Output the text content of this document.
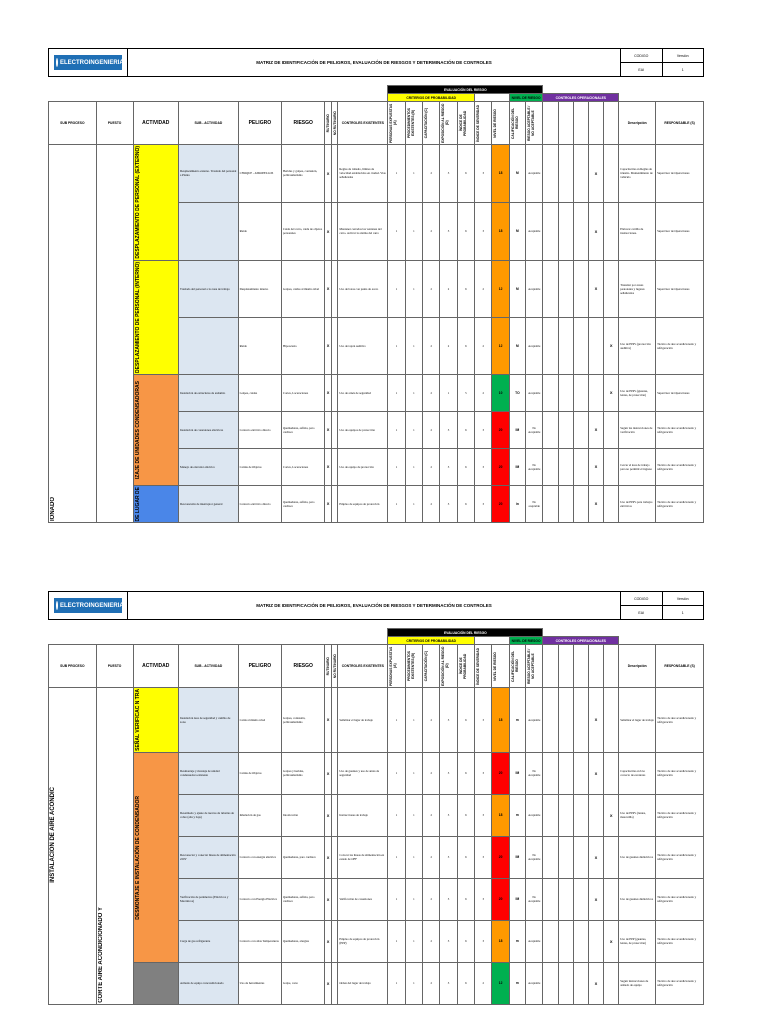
ELECTROINGENIERIA	MATRIZ DE IDENTIFICACIÓN DE PELIGROS, EVALUACIÓN DE RIESGOS Y DETERMINACIÓN DE CONTROLES
CODIGO	Versión
EAI	1
									EVALUACIÓN DEL RIESGO															
									CRITERIOS DE PROBABILIDAD							NIVEL DE RIESGO		CONTROLES OPERACIONALES						
SUB PROCESO	PUESTO	ACTIVIDAD	SUB - ACTIVIDAD	PELIGRO	RIESGO	RUTINARIO	NO RUTINARIO	CONTROLES EXISTENTES	PERSONAS EXPUESTAS (A)	PROCEDIMIENTOS EXISTENTES (B)	CAPACITACIÓN (C)	EXPOSICIÓN AL RIESGO (D)	ÍNDICE DE PROBABILIDAD	ÍNDICE DE SEVERIDAD	NIVEL DE RIESGO	CALIFICACIÓN DEL RIESGO	RIESGO ACEPTABLE / NO ACEPTABLE	ELIMINACIÓN	SUSTITUCIÓN	CONTROLES DE INGENIERÍA	CONTROL ADMINISTRATIVO	EQUIPO DE PROTECCIÓN PERSONAL	Descripción	RESPONSABLE (S)

IONADO		DESPLAZAMIENTO DE PERSONAL (EXTERNO)	Desplazamiento externo. Traslado del personal a Planta	CHOQUE - ATROPELLOS	Heridas y golpes, contusión, politraumatismo	X		Reglas de tránsito, límites de velocidad establecidos en ciudad. Vías señalizadas	1	1	2	3	6	3	18	M	Aceptable				X		Capacitación en Reglas de tránsito. Mantenimiento de vehículo	Supervisor de Operaciones
				Ruido	Caída del carro, caída de objetos personales	X		Mantener cerrados las ventanas del carro. Activar la alarma del carro	1	1	2	3	6	3	18	M	Aceptable				X		Elaborar cartilla de instrucciones.	Supervisor de Operaciones

		DESPLAZAMIENTO DE PERSONAL (INTERNO)	Traslado del personal a la zona de trabajo	Desplazamiento interno	Golpes, caídas al mismo nivel	X		Uso de botas con punta de acero	1	1	2	2	6	2	12	M	Aceptable				X		Transitar por zonas peatonales y lugares señalizados	Supervisor de Operaciones
				Ruido	Hipoacusia	X		Uso de tapón auditivo	1	1	2	2	6	2	12	M	Aceptable					X	Uso de EPP's (protección auditiva)	Técnico de aire acondicionado y refrigeración

		IZAJE DE UNIDADES CONDENSADORAS	Instalación de estructuras de andamio	Golpes, caídas	Cortes, Laceraciones	X		Uso de arnés de seguridad	1	1	2	1	5	2	10	TO	Aceptable					X	Uso de EPP's (guantes, lentes, de protección)	Supervisor de Operaciones
			Instalación de conexiones eléctricas	Contacto eléctrico directo	Quemaduras, asfixia, paro cardiaco	X		Uso de equipos de protección	1	1	2	3	6	3	20	IM	No Aceptable				X		Seguir las instrucciones de verificación	Técnico de aire acondicionado y refrigeración
			Manejo de elevador eléctrico	Caídas de Objetos	Cortes, Laceraciones	X		Uso de equipo de protección	1	1	2	3	6	3	20	IM	No Aceptable				X		Cercar el área de trabajo para no permitir el ingreso	Técnico de aire acondicionado y refrigeración

		DE LUGAR DE	Desconexión de interruptor general	Contacto eléctrico directo	Quemaduras, asfixia, paro cardiaco	X		Empleo de equipos de protección	1	1	2	3	6	3	20	in	No aceptable				X		Uso de EPP's para trabajos eléctricos	Técnico de aire acondicionado y refrigeración
ELECTROINGENIERIA	MATRIZ DE IDENTIFICACIÓN DE PELIGROS, EVALUACIÓN DE RIESGOS Y DETERMINACIÓN DE CONTROLES
CODIGO	Versión
EAI	1
									EVALUACIÓN DEL RIESGO															
									CRITERIOS DE PROBABILIDAD							NIVEL DE RIESGO		CONTROLES OPERACIONALES						
SUB PROCESO	PUESTO	ACTIVIDAD	SUB - ACTIVIDAD	PELIGRO	RIESGO	RUTINARIO	NO RUTINARIO	CONTROLES EXISTENTES	PERSONAS EXPUESTAS (A)	PROCEDIMIENTOS EXISTENTES (B)	CAPACITACIÓN (C)	EXPOSICIÓN AL RIESGO (D)	ÍNDICE DE PROBABILIDAD	ÍNDICE DE SEVERIDAD	NIVEL DE RIESGO	CALIFICACIÓN DEL RIESGO	RIESGO ACEPTABLE / NO ACEPTABLE	ELIMINACIÓN	SUSTITUCIÓN	CONTROLES DE INGENIERÍA	CONTROL ADMINISTRATIVO	EQUIPO DE PROTECCIÓN PERSONAL	Descripción	RESPONSABLE (S)

INSTALACIÓN DE AIRE ACONDIC	CORTE AIRE ACONDICIONADO Y	SEÑAL VERIFICAC N TRA	Instalación área de seguridad y cambio de zona	Caída al mismo nivel	Golpes, contusión, politraumatismo	X		Señalizar el lugar de trabajo	1	1	2	3	6	3	18	m	Aceptable				X		Señalizar el lugar de trabajo	Técnico de aire acondicionado y refrigeración

		DESMONTAJE E INSTALACIÓN DE CONDENSADOR	Desmontaje y montaje de unidad condensadora existente	Caídas de Objetos	Golpes y heridas, politraumatismo	X		Uso de guantes y uso de arnés de seguridad	1	1	2	3	6	3	20	IM	No Aceptable				X		Capacitación en Uso correcto de escaleras	Técnico de aire acondicionado y refrigeración
			Desarmado y ajuste de tuercas de tuberías de cobre (alta y baja)	Inhalación de gas	Intoxicación	X		Instrucciones de trabajo	1	1	2	3	6	3	18	m	Aceptable					X	Uso de EPP's (lentes, mascarilla)	Técnico de aire acondicionado y refrigeración
			Desconectar y conectar líneas de alimentación 220V	Contacto con energía eléctrica	Quemaduras, paro cardiaco	X		Colocar las líneas de alimentación en estado de OFF	1	1	2	3	6	3	20	IM	No Aceptable				X		Uso de guantes dieléctricos	Técnico de aire acondicionado y refrigeración
			Verificación de parámetros (Eléctricos y Mecánicos)	Contacto con Energía Eléctrica	Quemaduras, asfixia, paro cardiaco	X		Verificación de conexiones	1	1	2	3	6	3	20	IM	No Aceptable				X		Uso de guantes dieléctricos	Técnico de aire acondicionado y refrigeración
			Carga de gas refrigerante	Contacto con altas Temperaturas	Quemaduras, alergias	X		Empleo de equipos de protección (EPP)	1	1	2	3	6	3	18	m	Aceptable					X	Uso de EPP (guantes, lentes, de protección)	Técnico de aire acondicionado y refrigeración

			Armado de equipo vencondicionado	Uso de herramientas	Golpe, corte	X		Orden del lugar de trabajo	1	1	2	3	6	2	12	m	Aceptable				X		Seguir instrucciones de armado de equipo	Técnico de aire acondicionado y refrigeración
